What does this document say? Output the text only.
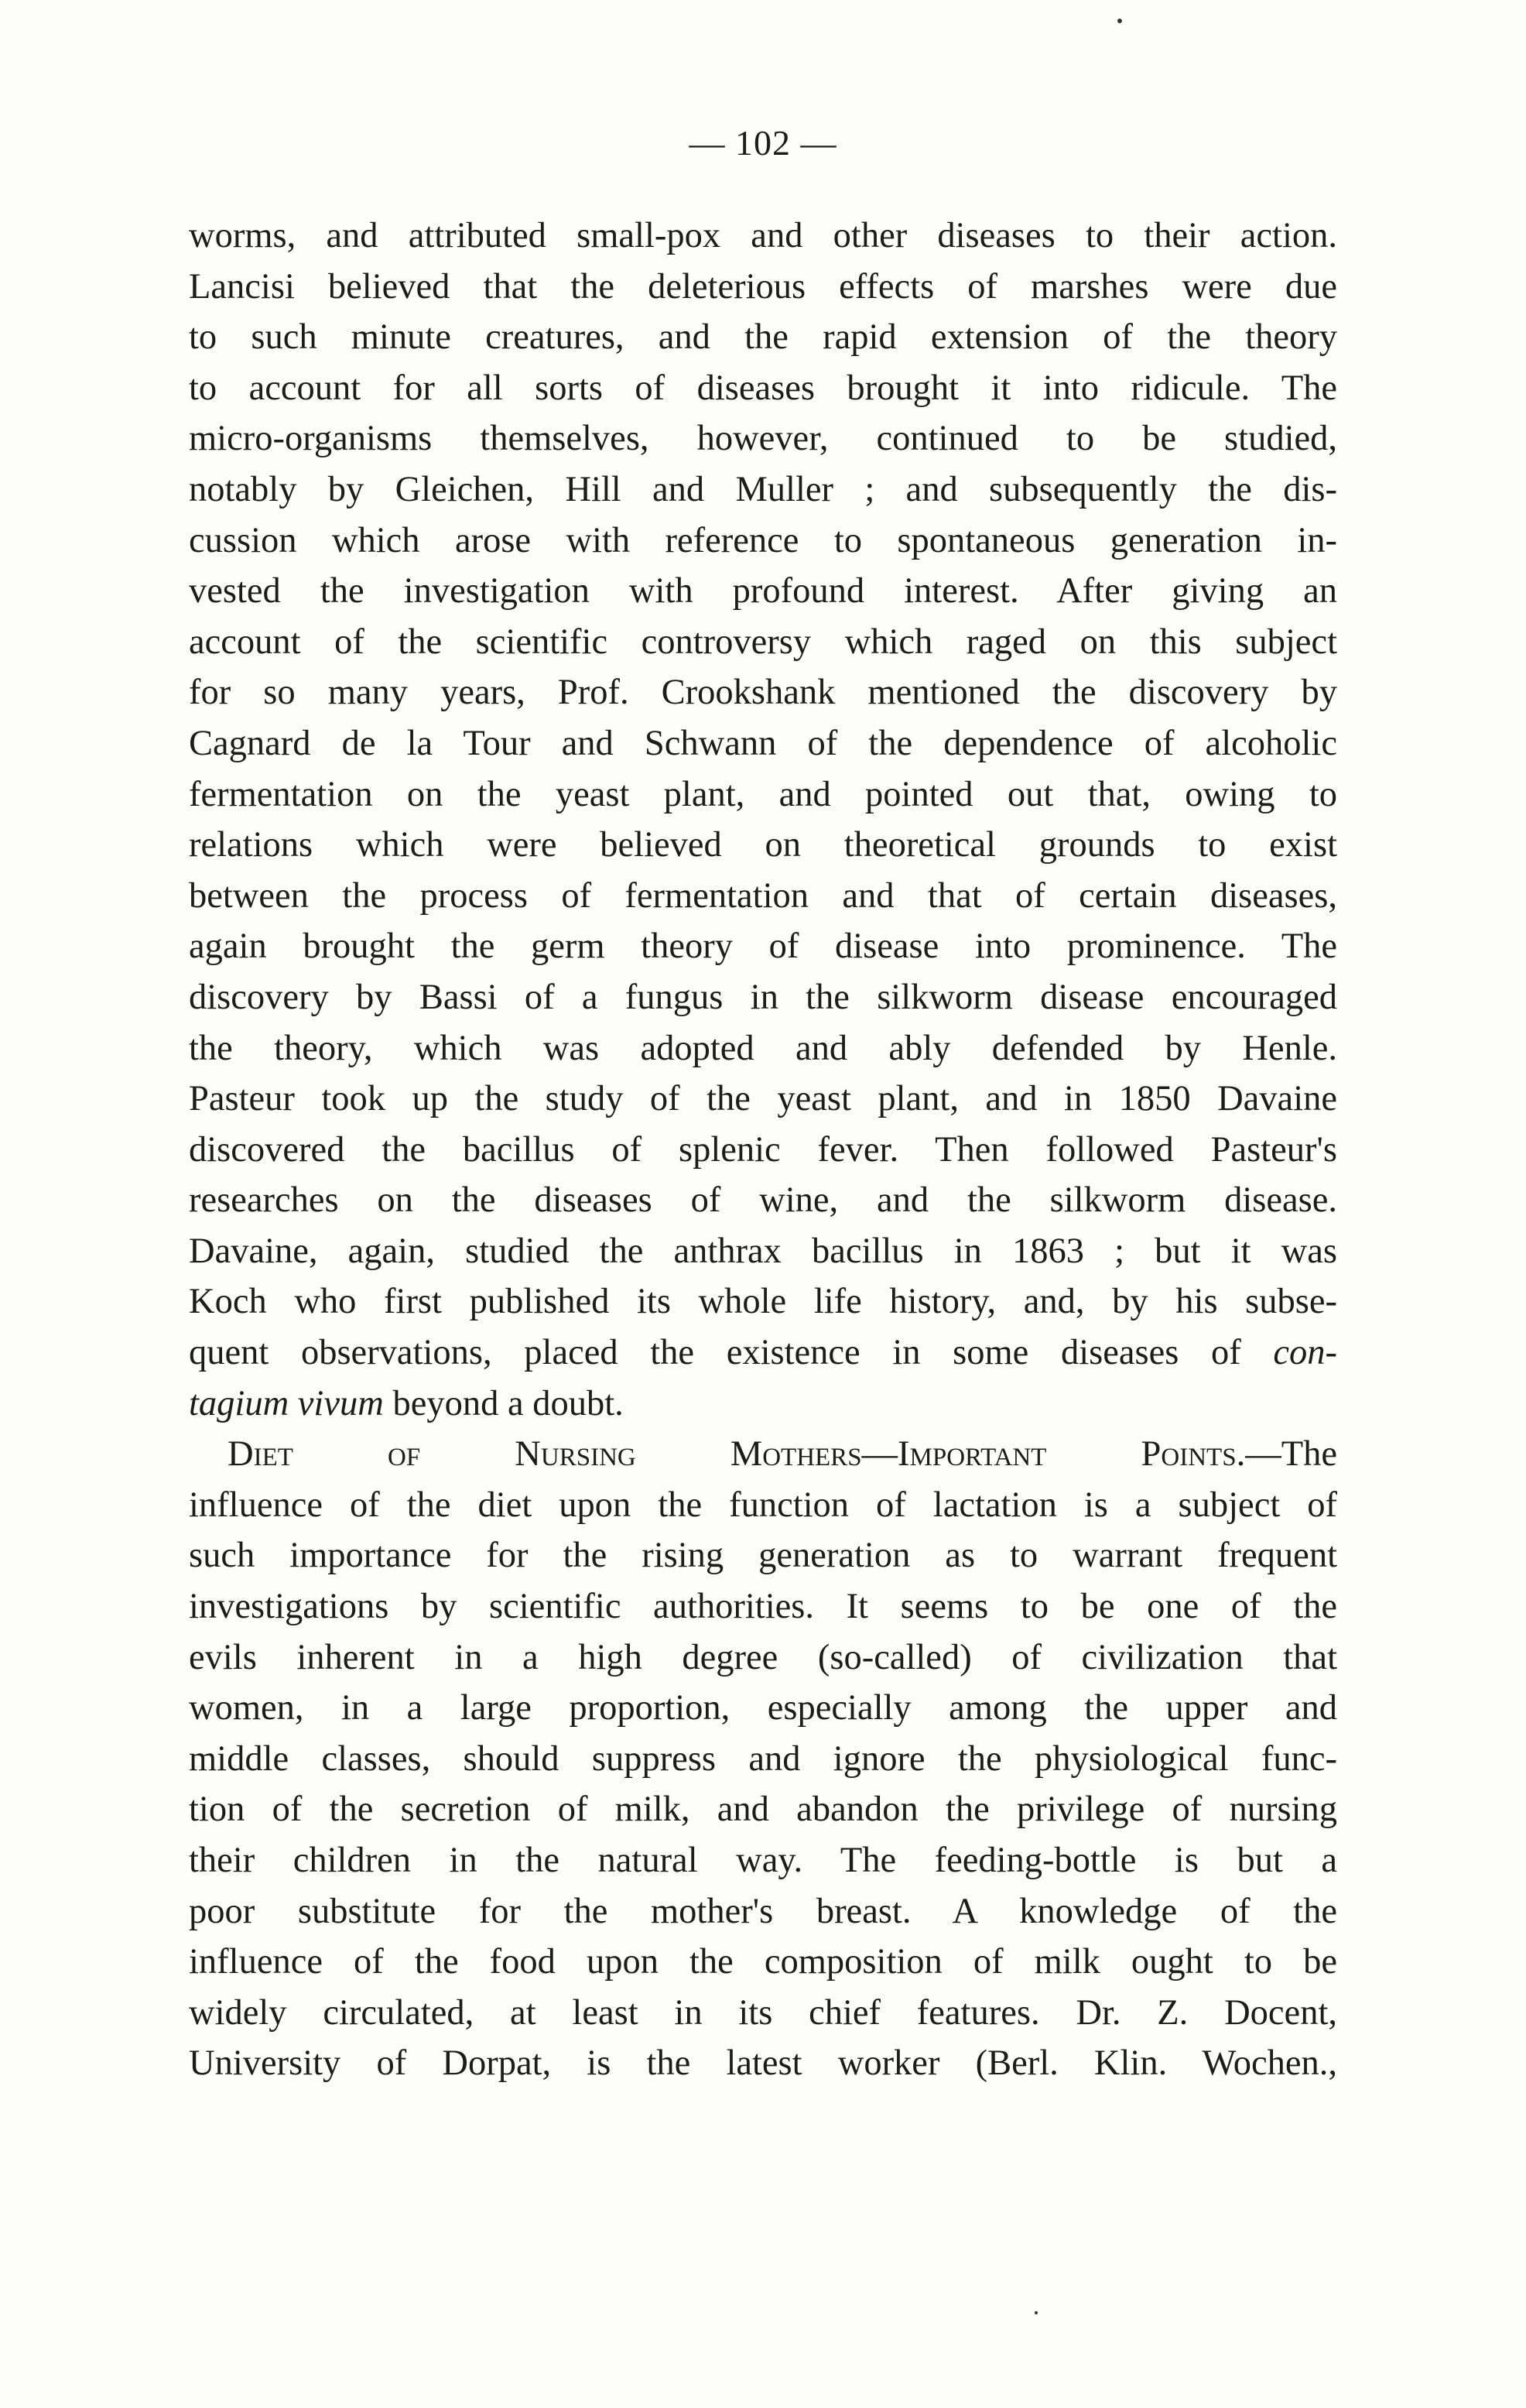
— 102 —
worms, and attributed small-pox and other diseases to their action.
Lancisi believed that the deleterious effects of marshes were due
to such minute creatures, and the rapid extension of the theory
to account for all sorts of diseases brought it into ridicule. The
micro-organisms themselves, however, continued to be studied,
notably by Gleichen, Hill and Muller ; and subsequently the dis-
cussion which arose with reference to spontaneous generation in-
vested the investigation with profound interest. After giving an
account of the scientific controversy which raged on this subject
for so many years, Prof. Crookshank mentioned the discovery by
Cagnard de la Tour and Schwann of the dependence of alcoholic
fermentation on the yeast plant, and pointed out that, owing to
relations which were believed on theoretical grounds to exist
between the process of fermentation and that of certain diseases,
again brought the germ theory of disease into prominence. The
discovery by Bassi of a fungus in the silkworm disease encouraged
the theory, which was adopted and ably defended by Henle.
Pasteur took up the study of the yeast plant, and in 1850 Davaine
discovered the bacillus of splenic fever. Then followed Pasteur's
researches on the diseases of wine, and the silkworm disease.
Davaine, again, studied the anthrax bacillus in 1863 ; but it was
Koch who first published its whole life history, and, by his subse-
quent observations, placed the existence in some diseases of con-
tagium vivum beyond a doubt.
Diet of Nursing Mothers—Important Points.—The
influence of the diet upon the function of lactation is a subject of
such importance for the rising generation as to warrant frequent
investigations by scientific authorities. It seems to be one of the
evils inherent in a high degree (so-called) of civilization that
women, in a large proportion, especially among the upper and
middle classes, should suppress and ignore the physiological func-
tion of the secretion of milk, and abandon the privilege of nursing
their children in the natural way. The feeding-bottle is but a
poor substitute for the mother's breast. A knowledge of the
influence of the food upon the composition of milk ought to be
widely circulated, at least in its chief features. Dr. Z. Docent,
University of Dorpat, is the latest worker (Berl. Klin. Wochen.,
